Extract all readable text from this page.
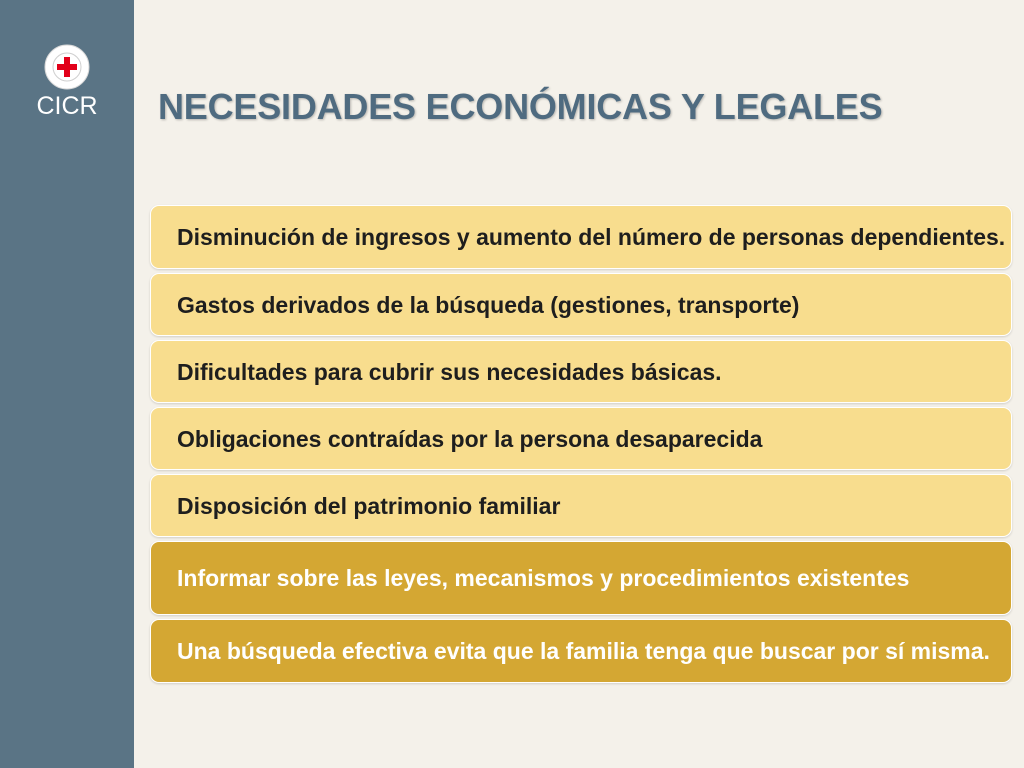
CICR	NECESIDADES ECONÓMICAS Y LEGALES
Disminución de ingresos y aumento del número de personas dependientes.
Gastos derivados de la búsqueda (gestiones, transporte)
Dificultades para cubrir sus necesidades básicas.
Obligaciones contraídas por la persona desaparecida
Disposición del patrimonio familiar
Informar sobre las leyes, mecanismos y procedimientos existentes
Una búsqueda efectiva evita que la familia tenga que buscar por sí misma.
